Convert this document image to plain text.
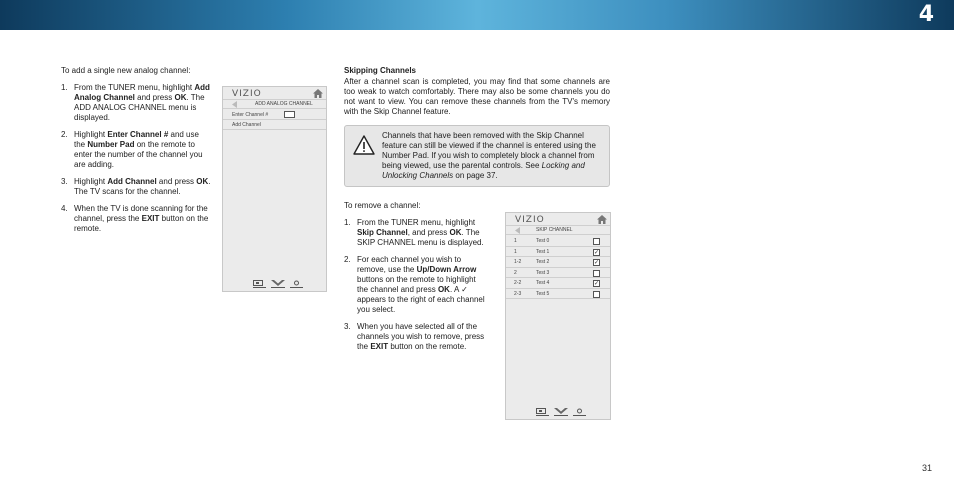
4

To add a single new analog channel:

1. From the TUNER menu, highlight Add Analog Channel and press OK. The ADD ANALOG CHANNEL menu is displayed.
2. Highlight Enter Channel # and use the Number Pad on the remote to enter the number of the channel you are adding.
3. Highlight Add Channel and press OK. The TV scans for the channel.
4. When the TV is done scanning for the channel, press the EXIT button on the remote.
VIZIO
ADD ANALOG CHANNEL
Enter Channel #
Add Channel

Skipping Channels

After a channel scan is completed, you may find that some channels are too weak to watch comfortably. There may also be some channels you do not want to view. You can remove these channels from the TV's memory with the Skip Channel feature.

Channels that have been removed with the Skip Channel feature can still be viewed if the channel is entered using the Number Pad. If you wish to completely block a channel from being viewed, use the parental controls. See Locking and Unlocking Channels on page 37.

To remove a channel:

1. From the TUNER menu, highlight Skip Channel, and press OK. The SKIP CHANNEL menu is displayed.
2. For each channel you wish to remove, use the Up/Down Arrow buttons on the remote to highlight the channel and press OK. A ✓ appears to the right of each channel you select.
3. When you have selected all of the channels you wish to remove, press the EXIT button on the remote.
VIZIO
SKIP CHANNEL
1	Test 0
1	Test 1	✓
1-2	Test 2	✓
2	Test 3
2-2	Test 4	✓
2-3	Test 5
31
